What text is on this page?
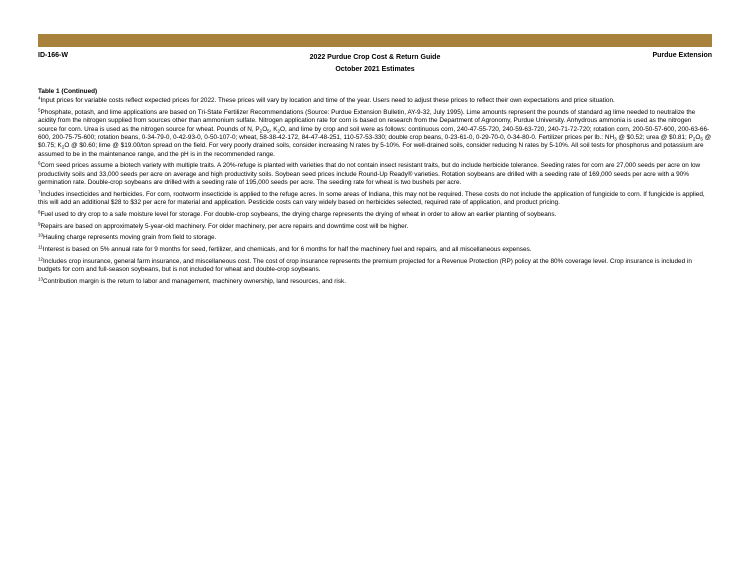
ID-166-W	2022 Purdue Crop Cost & Return Guide
October 2021 Estimates
Purdue Extension
Table 1 (Continued)

$^4$Input prices for variable costs reflect expected prices for 2022. These prices will vary by location and time of the year. Users need to adjust these prices to reflect their own expectations and price situation.

$^5$Phosphate, potash, and lime applications are based on Tri-State Fertilizer Recommendations (Source: Purdue Extension Bulletin, AY-9-32, July 1995). Lime amounts represent the pounds of standard ag lime needed to neutralize the acidity from the nitrogen supplied from sources other than ammonium sulfate. Nitrogen application rate for corn is based on research from the Department of Agronomy, Purdue University. Anhydrous ammonia is used as the nitrogen source for corn. Urea is used as the nitrogen source for wheat. Pounds of N, $P_2O_5$, $K_2O$, and lime by crop and soil were as follows: continuous corn, 240-47-55-720, 240-59-63-720, 240-71-72-720; rotation corn, 200-50-57-600, 200-63-66-600, 200-75-75-600; rotation beans, 0-34-79-0, 0-42-93-0, 0-50-107-0; wheat, 58-38-42-172, 84-47-48-251, 110-57-53-330; double crop beans, 0-23-61-0, 0-29-70-0, 0-34-80-0. Fertilizer prices per lb.: $NH_3$ @ $0.52; urea @ $0.81; $P_2O_5$ @ $0.75; $K_2O$ @ $0.60; lime @ $19.00/ton spread on the field. For very poorly drained soils, consider increasing N rates by 5-10%. For well-drained soils, consider reducing N rates by 5-10%. All soil tests for phosphorus and potassium are assumed to be in the maintenance range, and the pH is in the recommended range.

$^6$Corn seed prices assume a biotech variety with multiple traits. A 20%-refuge is planted with varieties that do not contain insect resistant traits, but do include herbicide tolerance. Seeding rates for corn are 27,000 seeds per acre on low productivity soils and 33,000 seeds per acre on average and high productivity soils. Soybean seed prices include Round-Up Ready® varieties. Rotation soybeans are drilled with a seeding rate of 169,000 seeds per acre with a 90% germination rate. Double-crop soybeans are drilled with a seeding rate of 195,000 seeds per acre. The seeding rate for wheat is two bushels per acre.

$^7$Includes insecticides and herbicides. For corn, rootworm insecticide is applied to the refuge acres. In some areas of Indiana, this may not be required. These costs do not include the application of fungicide to corn. If fungicide is applied, this will add an additional $28 to $32 per acre for material and application. Pesticide costs can vary widely based on herbicides selected, required rate of application, and product pricing.

$^8$Fuel used to dry crop to a safe moisture level for storage. For double-crop soybeans, the drying charge represents the drying of wheat in order to allow an earlier planting of soybeans.

$^9$Repairs are based on approximately 5-year-old machinery. For older machinery, per acre repairs and downtime cost will be higher.

$^{10}$Hauling charge represents moving grain from field to storage.

$^{11}$Interest is based on 5% annual rate for 9 months for seed, fertilizer, and chemicals, and for 6 months for half the machinery fuel and repairs, and all miscellaneous expenses.

$^{12}$Includes crop insurance, general farm insurance, and miscellaneous cost. The cost of crop insurance represents the premium projected for a Revenue Protection (RP) policy at the 80% coverage level. Crop insurance is included in budgets for corn and full-season soybeans, but is not included for wheat and double-crop soybeans.

$^{13}$Contribution margin is the return to labor and management, machinery ownership, land resources, and risk.
